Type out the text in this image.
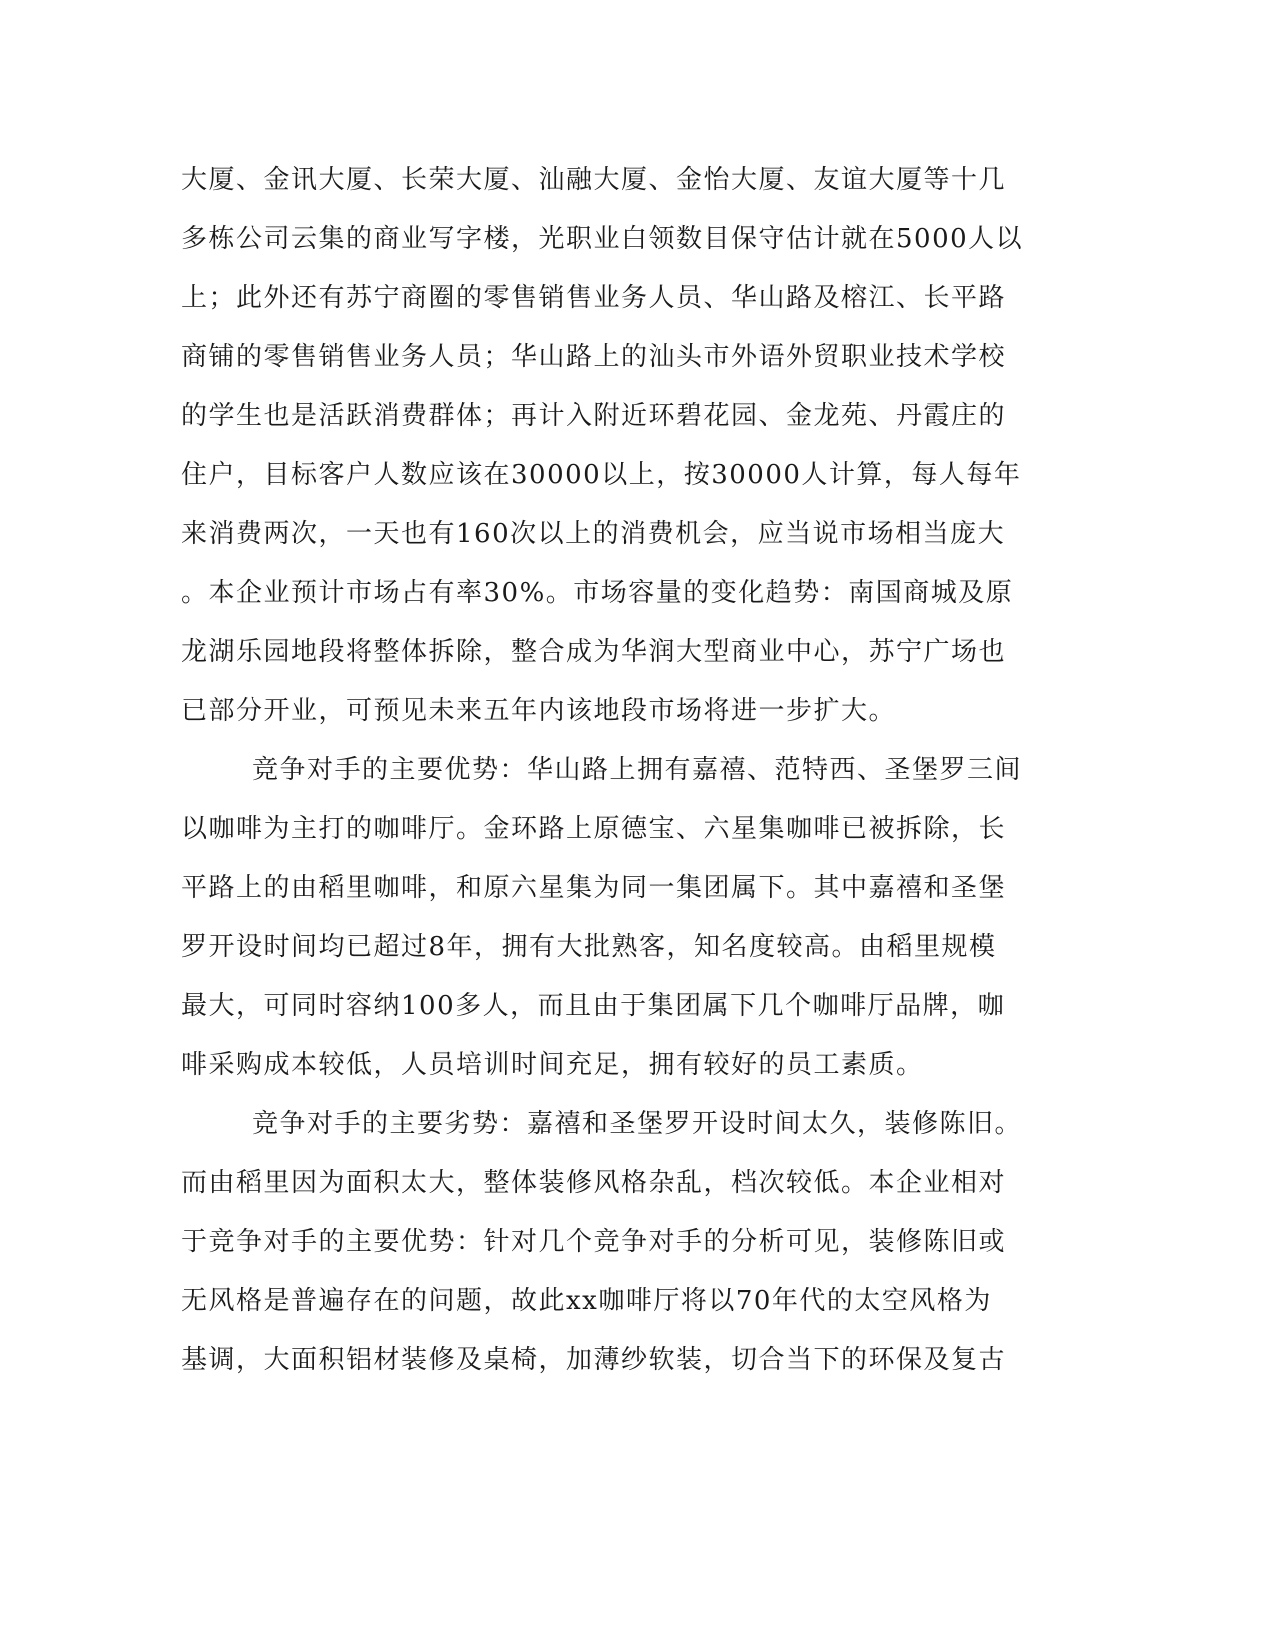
大厦、金讯大厦、长荣大厦、汕融大厦、金怡大厦、友谊大厦等十几
多栋公司云集的商业写字楼，光职业白领数目保守估计就在5000人以
上；此外还有苏宁商圈的零售销售业务人员、华山路及榕江、长平路
商铺的零售销售业务人员；华山路上的汕头市外语外贸职业技术学校
的学生也是活跃消费群体；再计入附近环碧花园、金龙苑、丹霞庄的
住户，目标客户人数应该在30000以上，按30000人计算，每人每年
来消费两次，一天也有160次以上的消费机会，应当说市场相当庞大
。本企业预计市场占有率30%。市场容量的变化趋势：南国商城及原
龙湖乐园地段将整体拆除，整合成为华润大型商业中心，苏宁广场也
已部分开业，可预见未来五年内该地段市场将进一步扩大。
竞争对手的主要优势：华山路上拥有嘉禧、范特西、圣堡罗三间
以咖啡为主打的咖啡厅。金环路上原德宝、六星集咖啡已被拆除，长
平路上的由稻里咖啡，和原六星集为同一集团属下。其中嘉禧和圣堡
罗开设时间均已超过8年，拥有大批熟客，知名度较高。由稻里规模
最大，可同时容纳100多人，而且由于集团属下几个咖啡厅品牌，咖
啡采购成本较低，人员培训时间充足，拥有较好的员工素质。
竞争对手的主要劣势：嘉禧和圣堡罗开设时间太久，装修陈旧。
而由稻里因为面积太大，整体装修风格杂乱，档次较低。本企业相对
于竞争对手的主要优势：针对几个竞争对手的分析可见，装修陈旧或
无风格是普遍存在的问题，故此xx咖啡厅将以70年代的太空风格为
基调，大面积铝材装修及桌椅，加薄纱软装，切合当下的环保及复古
